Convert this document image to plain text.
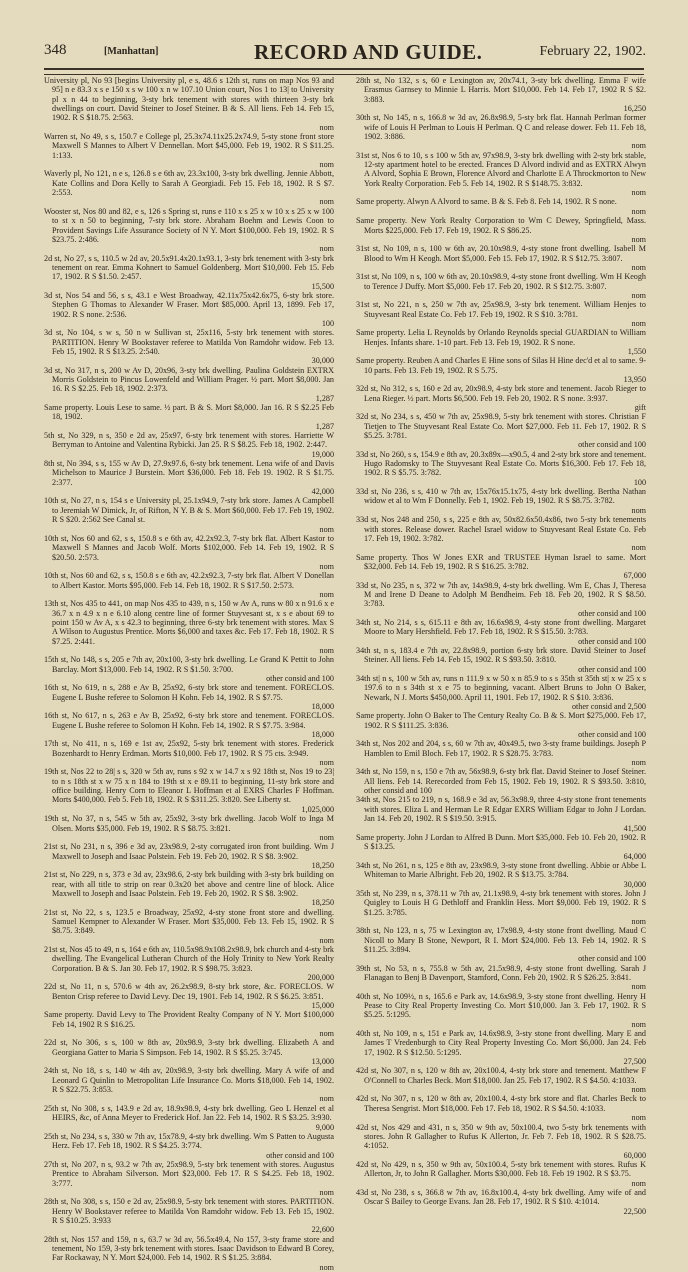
348	[Manhattan]	RECORD AND GUIDE.	February 22, 1902.

University pl, No 93 [begins University pl, e s, 48.6 s 12th st, runs on map Nos 93 and 95] n e 83.3 x s e 150 x s w 100 x n w 107.10 Union court, Nos 1 to 13| to University pl x n 44 to beginning, 3-sty brk tenement with stores with thirteen 3-sty brk dwellings on court. David Steiner to Josef Steiner. B & S. All liens. Feb 14. Feb 15, 1902. R S $18.75. 2:563.
nom

Warren st, No 49, s s, 150.7 e College pl, 25.3x74.11x25.2x74.9, 5-sty stone front store Maxwell S Mannes to Albert V Dennellan. Mort $45,000. Feb 19, 1902. R S $11.25. 1:133.
nom

Waverly pl, No 121, n e s, 126.8 s e 6th av, 23.3x100, 3-sty brk dwelling. Jennie Abbott, Kate Collins and Dora Kelly to Sarah A Georgiadi. Feb 15. Feb 18, 1902. R S $7. 2:553.
nom

Wooster st, Nos 80 and 82, e s, 126 s Spring st, runs e 110 x s 25 x w 10 x s 25 x w 100 to st x n 50 to beginning, 7-sty brk store. Abraham Boehm and Lewis Coon to Provident Savings Life Assurance Society of N Y. Mort $100,000. Feb 19, 1902. R S $23.75. 2:486.
nom

2d st, No 27, s s, 110.5 w 2d av, 20.5x91.4x20.1x93.1, 3-sty brk tenement with 3-sty brk tenement on rear. Emma Kohnert to Samuel Goldenberg. Mort $10,000. Feb 15. Feb 17, 1902. R S $1.50. 2:457.
15,500

3d st, Nos 54 and 56, s s, 43.1 e West Broadway, 42.11x75x42.6x75, 6-sty brk store. Stephen G Thomas to Alexander W Fraser. Mort $85,000. April 13, 1899. Feb 17, 1902. R S none. 2:536.
100

3d st, No 104, s w s, 50 n w Sullivan st, 25x116, 5-sty brk tenement with stores. PARTITION. Henry W Bookstaver referee to Matilda Von Ramdohr widow. Feb 13. Feb 15, 1902. R S $13.25. 2:540.
30,000

3d st, No 317, n s, 200 w Av D, 20x96, 3-sty brk dwelling. Paulina Goldstein EXTRX Morris Goldstein to Pincus Lowenfeld and William Prager. ½ part. Mort $8,000. Jan 16. R S $2.25. Feb 18, 1902. 2:373.
1,287

Same property. Louis Lese to same. ½ part. B & S. Mort $8,000. Jan 16. R S $2.25 Feb 18, 1902.
1,287

5th st, No 329, n s, 350 e 2d av, 25x97, 6-sty brk tenement with stores. Harriette W Berryman to Antoine and Valentina Rybicki. Jan 25. R S $8.25. Feb 18, 1902. 2:447.
19,000

8th st, No 394, s s, 155 w Av D, 27.9x97.6, 6-sty brk tenement. Lena wife of and Davis Michelson to Maurice J Burstein. Mort $36,000. Feb 18. Feb 19. 1902. R S $1.75. 2:377.
42,000

10th st, No 27, n s, 154 s e University pl, 25.1x94.9, 7-sty brk store. James A Campbell to Jeremiah W Dimick, Jr, of Rifton, N Y. B & S. Mort $60,000. Feb 17. Feb 19, 1902. R S $20. 2:562 See Canal st.
nom

10th st, Nos 60 and 62, s s, 150.8 s e 6th av, 42.2x92.3, 7-sty brk flat. Albert Kastor to Maxwell S Mannes and Jacob Wolf. Morts $102,000. Feb 14. Feb 19, 1902. R S $20.50. 2:573.
nom

10th st, Nos 60 and 62, s s, 150.8 s e 6th av, 42.2x92.3, 7-sty brk flat. Albert V Donellan to Albert Kastor. Morts $95,000. Feb 14. Feb 18, 1902. R S $17.50. 2:573.
nom

13th st, Nos 435 to 441, on map Nos 435 to 439, n s, 150 w Av A, runs w 80 x n 91.6 x e 36.7 x n 4.9 x n e 6.10 along centre line of former Stuyvesant st, x s e about 69 to point 150 w Av A, x s 42.3 to beginning, three 6-sty brk tenement with stores. Max S A Wilson to Augustus Prentice. Morts $6,000 and taxes &c. Feb 17. Feb 18, 1902. R S $7.25. 2:441.
nom

15th st, No 148, s s, 205 e 7th av, 20x100, 3-sty brk dwelling. Le Grand K Pettit to John Barclay. Mort $13,000. Feb 14, 1902. R S $1.50. 3:700.
other consid and 100

16th st, No 619, n s, 288 e Av B, 25x92, 6-sty brk store and tenement. FORECLOS. Eugene L Bushe referee to Solomon H Kohn. Feb 14, 1902. R S $7.75.
18,000

16th st, No 617, n s, 263 e Av B, 25x92, 6-sty brk store and tenement. FORECLOS. Eugene L Bushe referee to Solomon H Kohn. Feb 14, 1902. R S $7.75. 3:984.
18,000

17th st, No 411, n s, 169 e 1st av, 25x92, 5-sty brk tenement with stores. Frederick Bozenhardt to Henry Erdman. Morts $10,000. Feb 17, 1902. R S 75 cts. 3:949.
nom

19th st, Nos 22 to 28| s s, 320 w 5th av, runs s 92 x w 14.7 x s 92 18th st, Nos 19 to 23| to n s 18th st x w 75 x n 184 to 19th st x e 89.11 to beginning, 11-sty brk store and office building. Henry Corn to Eleanor L Hoffman et al EXRS Charles F Hoffman. Morts $400,000. Feb 5. Feb 18, 1902. R S $311.25. 3:820. See Liberty st.
1,025,000

19th st, No 37, n s, 545 w 5th av, 25x92, 3-sty brk dwelling. Jacob Wolf to Inga M Olsen. Morts $35,000. Feb 19, 1902. R S $8.75. 3:821.
nom

21st st, No 231, n s, 396 e 3d av, 23x98.9, 2-sty corrugated iron front building. Wm J Maxwell to Joseph and Isaac Polstein. Feb 19. Feb 20, 1902. R S $8. 3:902.
18,250

21st st, No 229, n s, 373 e 3d av, 23x98.6, 2-sty brk building with 3-sty brk building on rear, with all title to strip on rear 0.3x20 bet above and centre line of block. Alice Maxwell to Joseph and Isaac Polstein. Feb 19. Feb 20, 1902. R S $8. 3:902.
18,250

21st st, No 22, s s, 123.5 e Broadway, 25x92, 4-sty stone front store and dwelling. Samuel Kempner to Alexander W Fraser. Mort $35,000. Feb 13. Feb 15, 1902. R S $8.75. 3:849.
nom

21st st, Nos 45 to 49, n s, 164 e 6th av, 110.5x98.9x108.2x98.9, brk church and 4-sty brk dwelling. The Evangelical Lutheran Church of the Holy Trinity to New York Realty Corporation. B & S. Jan 30. Feb 17, 1902. R S $98.75. 3:823.
200,000

22d st, No 11, n s, 570.6 w 4th av, 26.2x98.9, 8-sty brk store, &c. FORECLOS. W Benton Crisp referee to David Levy. Dec 19, 1901. Feb 14, 1902. R S $6.25. 3:851.
15,000

Same property. David Levy to The Provident Realty Company of N Y. Mort $100,000 Feb 14, 1902 R S $16.25.
nom

22d st, No 306, s s, 100 w 8th av, 20x98.9, 3-sty brk dwelling. Elizabeth A and Georgiana Gatter to Maria S Simpson. Feb 14, 1902. R S $5.25. 3:745.
13,000

24th st, No 18, s s, 140 w 4th av, 20x98.9, 3-sty brk dwelling. Mary A wife of and Leonard G Quinlin to Metropolitan Life Insurance Co. Morts $18,000. Feb 14, 1902. R S $22.75. 3:853.
nom

25th st, No 308, s s, 143.9 e 2d av, 18.9x98.9, 4-sty brk dwelling. Geo L Henzel et al HEIRS, &c, of Anna Meyer to Frederick Hof. Jan 22. Feb 14, 1902. R S $3.25. 3:930.
9,000

25th st, No 234, s s, 330 w 7th av, 15x78.9, 4-sty brk dwelling. Wm S Patten to Augusta Herz. Feb 17. Feb 18, 1902. R S $4.25. 3:774.
other consid and 100

27th st, No 207, n s, 93.2 w 7th av, 25x98.9, 5-sty brk tenement with stores. Augustus Prentice to Abraham Silverson. Mort $23,000. Feb 17. R S $4.25. Feb 18, 1902. 3:777.
nom

28th st, No 308, s s, 150 e 2d av, 25x98.9, 5-sty brk tenement with stores. PARTITION. Henry W Bookstaver referee to Matilda Von Ramdohr widow. Feb 13. Feb 15, 1902. R S $10.25. 3:933
22,600

28th st, Nos 157 and 159, n s, 63.7 w 3d av, 56.5x49.4, No 157, 3-sty frame store and tenement, No 159, 3-sty brk tenement with stores. Isaac Davidson to Edward B Corey, Far Rockaway, N Y. Mort $24,000. Feb 14, 1902. R S $1.25. 3:884.
nom

28th st, No 132, s s, 60 e Lexington av, 20x74.1, 3-sty brk dwelling. Emma F wife Erasmus Garnsey to Minnie L Harris. Mort $10,000. Feb 14. Feb 17, 1902 R S $2. 3:883.
16,250

30th st, No 145, n s, 166.8 w 3d av, 26.8x98.9, 5-sty brk flat. Hannah Perlman former wife of Louis H Perlman to Louis H Perlman. Q C and release dower. Feb 11. Feb 18, 1902. 3:886.
nom

31st st, Nos 6 to 10, s s 100 w 5th av, 97x98.9, 3-sty brk dwelling with 2-sty brk stable, 12-sty apartment hotel to be erected. Frances D Alvord individ and as EXTRX Alwyn A Alvord, Sophia E Brown, Florence Alvord and Charlotte E A Throckmorton to New York Realty Corporation. Feb 5. Feb 14, 1902. R S $148.75. 3:832.
nom

Same property. Alwyn A Alvord to same. B & S. Feb 8. Feb 14, 1902. R S none.
nom

Same property. New York Realty Corporation to Wm C Dewey, Springfield, Mass. Morts $225,000. Feb 17. Feb 19, 1902. R S $86.25.
nom

31st st, No 109, n s, 100 w 6th av, 20.10x98.9, 4-sty stone front dwelling. Isabell M Blood to Wm H Keogh. Mort $5,000. Feb 15. Feb 17, 1902. R S $12.75. 3:807.
nom

31st st, No 109, n s, 100 w 6th av, 20.10x98.9, 4-sty stone front dwelling. Wm H Keogh to Terence J Duffy. Mort $5,000. Feb 17. Feb 20, 1902. R S $12.75. 3:807.
nom

31st st, No 221, n s, 250 w 7th av, 25x98.9, 3-sty brk tenement. William Henjes to Stuyvesant Real Estate Co. Feb 17. Feb 19, 1902. R S $10. 3:781.
nom

Same property. Lelia L Reynolds by Orlando Reynolds special GUARDIAN to William Henjes. Infants share. 1-10 part. Feb 13. Feb 19, 1902. R S none.
1,550

Same property. Reuben A and Charles E Hine sons of Silas H Hine dec'd et al to same. 9-10 parts. Feb 13. Feb 19, 1902. R S 5.75.
13,950

32d st, No 312, s s, 160 e 2d av, 20x98.9, 4-sty brk store and tenement. Jacob Rieger to Lena Rieger. ½ part. Morts $6,500. Feb 19. Feb 20, 1902. R S none. 3:937.
gift

32d st, No 234, s s, 450 w 7th av, 25x98.9, 5-sty brk tenement with stores. Christian F Tietjen to The Stuyvesant Real Estate Co. Mort $27,000. Feb 11. Feb 17, 1902. R S $5.25. 3:781.
other consid and 100

33d st, No 260, s s, 154.9 e 8th av, 20.3x89x—x90.5, 4 and 2-sty brk store and tenement. Hugo Radomsky to The Stuyvesant Real Estate Co. Morts $16,300. Feb 17. Feb 18, 1902. R S $5.75. 3:782.
100

33d st, No 236, s s, 410 w 7th av, 15x76x15.1x75, 4-sty brk dwelling. Bertha Nathan widow et al to Wm F Donnelly. Feb 1, 1902. Feb 19, 1902. R S $8.75. 3:782.
nom

33d st, Nos 248 and 250, s s, 225 e 8th av, 50x82.6x50.4x86, two 5-sty brk tenements with stores. Release dower. Rachel Israel widow to Stuyvesant Real Estate Co. Feb 17. Feb 19, 1902. 3:782.
nom

Same property. Thos W Jones EXR and TRUSTEE Hyman Israel to same. Mort $32,000. Feb 14. Feb 19, 1902. R S $16.25. 3:782.
67,000

33d st, No 235, n s, 372 w 7th av, 14x98.9, 4-sty brk dwelling. Wm E, Chas J, Theresa M and Irene D Deane to Adolph M Bendheim. Feb 18. Feb 20, 1902. R S $8.50. 3:783.
other consid and 100

34th st, No 214, s s, 615.11 e 8th av, 16.6x98.9, 4-sty stone front dwelling. Margaret Moore to Mary Hershfield. Feb 17. Feb 18, 1902. R S $15.50. 3:783.
other consid and 100

34th st, n s, 183.4 e 7th av, 22.8x98.9, portion 6-sty brk store. David Steiner to Josef Steiner. All liens. Feb 14. Feb 15, 1902. R S $93.50. 3:810.
other consid and 100

34th st| n s, 100 w 5th av, runs n 111.9 x w 50 x n 85.9 to s s 35th st 35th st| x w 25 x s 197.6 to n s 34th st x e 75 to beginning, vacant. Albert Bruns to John O Baker, Newark, N J. Morts $450,000. April 11, 1901. Feb 17, 1902. R S $10. 3:836.
other consid and 2,500

Same property. John O Baker to The Century Realty Co. B & S. Mort $275,000. Feb 17, 1902. R S $111.25. 3:836.
other consid and 100

34th st, Nos 202 and 204, s s, 60 w 7th av, 40x49.5, two 3-sty frame buildings. Joseph P Hamblen to Emil Bloch. Feb 17, 1902. R S $28.75. 3:783.
nom

34th st, No 159, n s, 150 e 7th av, 56x98.9, 6-sty brk flat. David Steiner to Josef Steiner. All liens. Feb 14. Rerecorded from Feb 15, 1902. Feb 19, 1902. R S $93.50. 3:810, other consid and 100

34th st, Nos 215 to 219, n s, 168.9 e 3d av, 56.3x98.9, three 4-sty stone front tenements with stores. Eliza L and Herman Le R Edgar EXRS William Edgar to John J Lordan. Jan 14. Feb 20, 1902. R S $19.50. 3:915.
41,500

Same property. John J Lordan to Alfred B Dunn. Mort $35,000. Feb 10. Feb 20, 1902. R S $13.25.
64,000

34th st, No 261, n s, 125 e 8th av, 23x98.9, 3-sty stone front dwelling. Abbie or Abbe L Whiteman to Marie Albright. Feb 20, 1902. R S $13.75. 3:784.
30,000

35th st, No 239, n s, 378.11 w 7th av, 21.1x98.9, 4-sty brk tenement with stores. John J Quigley to Louis H G Dethloff and Franklin Hess. Mort $9,000. Feb 19, 1902. R S $1.25. 3:785.
nom

38th st, No 123, n s, 75 w Lexington av, 17x98.9, 4-sty stone front dwelling. Maud C Nicoll to Mary B Stone, Newport, R I. Mort $24,000. Feb 13. Feb 14, 1902. R S $11.25. 3:894.
other consid and 100

39th st, No 53, n s, 755.8 w 5th av, 21.5x98.9, 4-sty stone front dwelling. Sarah J Flanagan to Benj B Davenport, Stamford, Conn. Feb 20, 1902. R S $26.25. 3:841.
nom

40th st, No 109½, n s, 165.6 e Park av, 14.6x98.9, 3-sty stone front dwelling. Henry H Pease to City Real Property Investing Co. Mort $10,000. Jan 3. Feb 17, 1902. R S $5.25. 5:1295.
nom

40th st, No 109, n s, 151 e Park av, 14.6x98.9, 3-sty stone front dwelling. Mary E and James T Vredenburgh to City Real Property Investing Co. Mort $6,000. Jan 24. Feb 17, 1902. R S $12.50. 5:1295.
27,500

42d st, No 307, n s, 120 w 8th av, 20x100.4, 4-sty brk store and tenement. Matthew F O'Connell to Charles Beck. Mort $18,000. Jan 25. Feb 17, 1902. R S $4.50. 4:1033.
nom

42d st, No 307, n s, 120 w 8th av, 20x100.4, 4-sty brk store and flat. Charles Beck to Theresa Sengrist. Mort $18,000. Feb 17. Feb 18, 1902. R S $4.50. 4:1033.
nom

42d st, Nos 429 and 431, n s, 350 w 9th av, 50x100.4, two 5-sty brk tenements with stores. John R Gallagher to Rufus K Allerton, Jr. Feb 7. Feb 18, 1902. R S $28.75. 4:1052.
60,000

42d st, No 429, n s, 350 w 9th av, 50x100.4, 5-sty brk tenement with stores. Rufus K Allerton, Jr, to John R Gallagher. Morts $30,000. Feb 18. Feb 19 1902. R S $3.75.
nom

43d st, No 238, s s, 366.8 w 7th av, 16.8x100.4, 4-sty brk dwelling. Amy wife of and Oscar S Bailey to George Evans. Jan 28. Feb 17, 1902. R S $10. 4:1014.
22,500
